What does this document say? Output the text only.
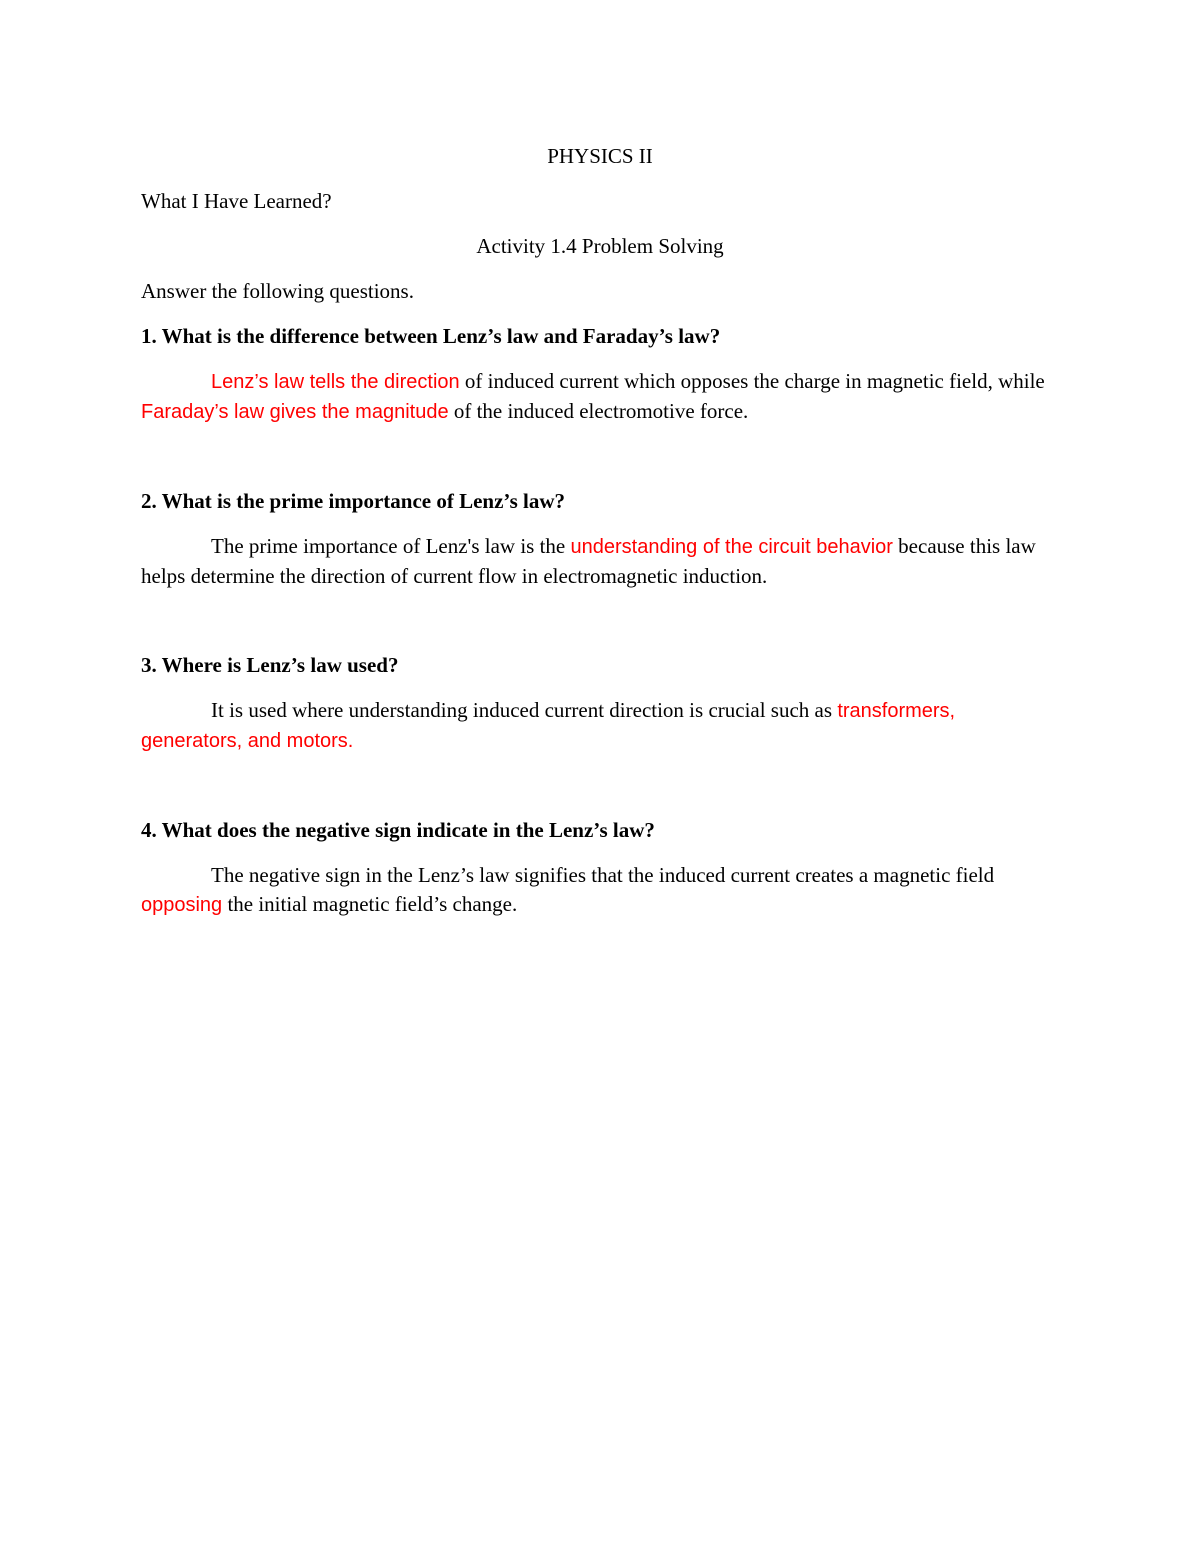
PHYSICS II
What I Have Learned?
Activity 1.4 Problem Solving
Answer the following questions.
1. What is the difference between Lenz’s law and Faraday’s law?
Lenz’s law tells the direction of induced current which opposes the charge in magnetic field, while Faraday’s law gives the magnitude of the induced electromotive force.
2. What is the prime importance of Lenz’s law?
The prime importance of Lenz's law is the understanding of the circuit behavior because this law helps determine the direction of current flow in electromagnetic induction.
3. Where is Lenz’s law used?
It is used where understanding induced current direction is crucial such as transformers, generators, and motors.
4. What does the negative sign indicate in the Lenz’s law?
The negative sign in the Lenz’s law signifies that the induced current creates a magnetic field opposing the initial magnetic field’s change.
